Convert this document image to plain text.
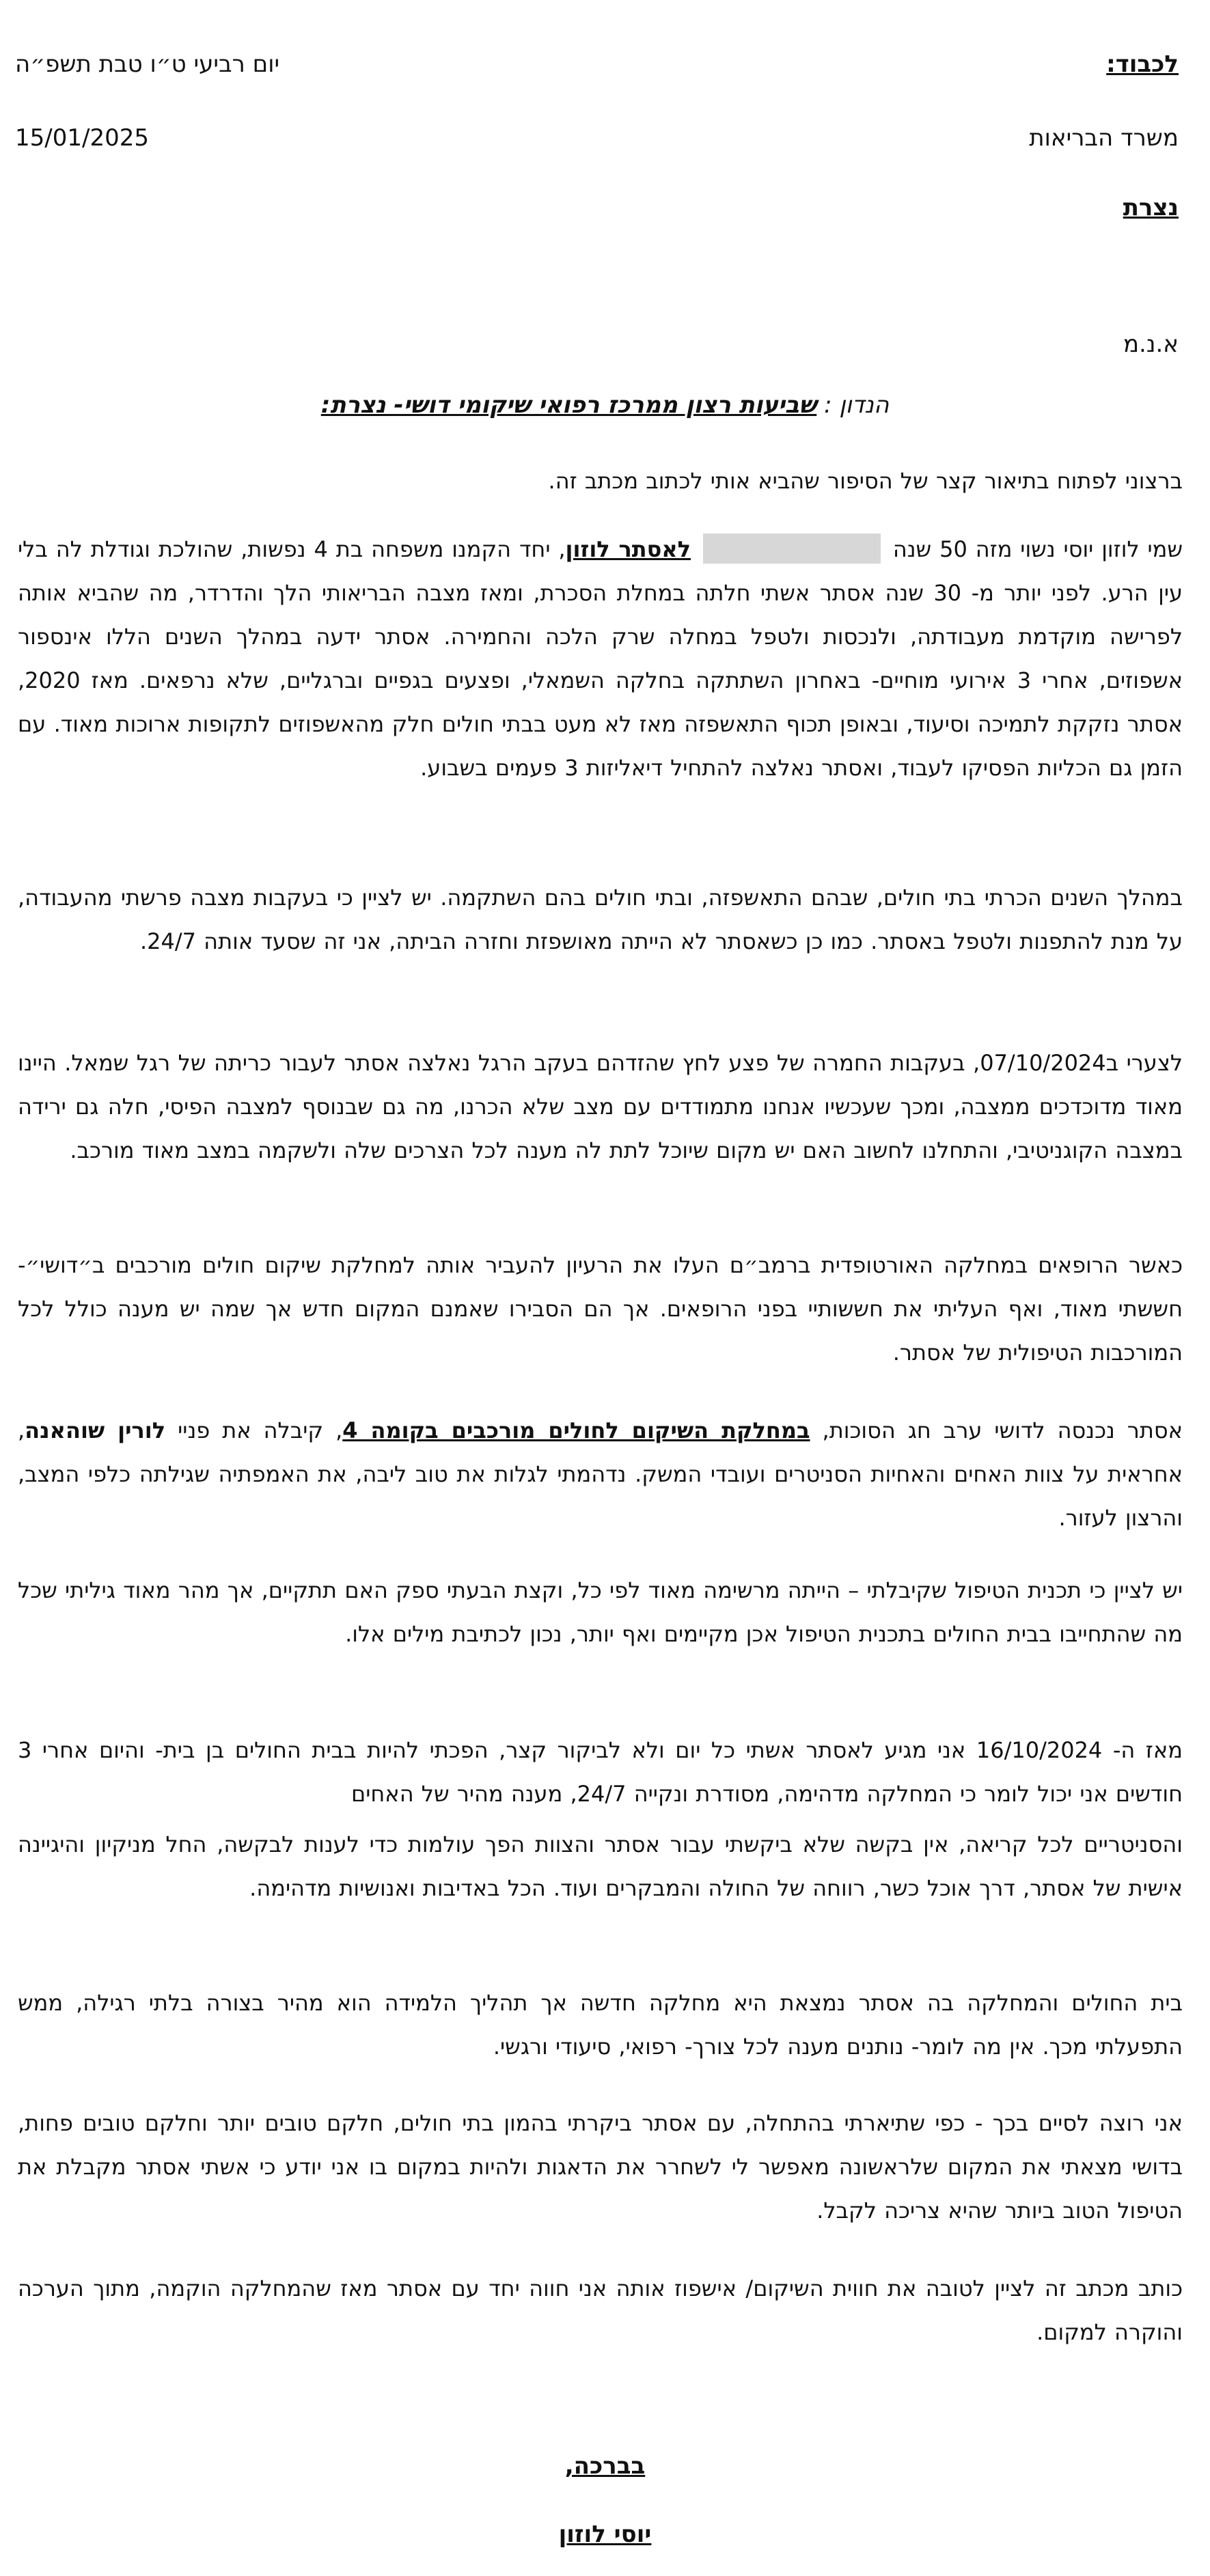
לכבוד:
יום רביעי ט״ו טבת תשפ״ה
משרד הבריאות
15/01/2025
נצרת
א.נ.מ
הנדון : שביעות רצון ממרכז רפואי שיקומי דושי- נצרת:
ברצוני לפתוח בתיאור קצר של הסיפור שהביא אותי לכתוב מכתב זה.
שמי לוזון יוסי נשוי מזה 50 שנה  לאסתר לוזון, יחד הקמנו משפחה בת 4 נפשות, שהולכת וגודלת לה בלי עין הרע. לפני יותר מ- 30 שנה אסתר אשתי חלתה במחלת הסכרת, ומאז מצבה הבריאותי הלך והדרדר, מה שהביא אותה לפרישה מוקדמת מעבודתה, ולנכסות ולטפל במחלה שרק הלכה והחמירה. אסתר ידעה במהלך השנים הללו אינספור אשפוזים, אחרי 3 אירועי מוחיים- באחרון השתתקה בחלקה השמאלי, ופצעים בגפיים וברגליים, שלא נרפאים. מאז 2020, אסתר נזקקת לתמיכה וסיעוד, ובאופן תכוף התאשפזה מאז לא מעט בבתי חולים חלק מהאשפוזים לתקופות ארוכות מאוד. עם הזמן גם הכליות הפסיקו לעבוד, ואסתר נאלצה להתחיל דיאליזות 3 פעמים בשבוע.
במהלך השנים הכרתי בתי חולים, שבהם התאשפזה, ובתי חולים בהם השתקמה. יש לציין כי בעקבות מצבה פרשתי מהעבודה, על מנת להתפנות ולטפל באסתר. כמו כן כשאסתר לא הייתה מאושפזת וחזרה הביתה, אני זה שסעד אותה 24/7.
לצערי ב07/10/2024, בעקבות החמרה של פצע לחץ שהזדהם בעקב הרגל נאלצה אסתר לעבור כריתה של רגל שמאל. היינו מאוד מדוכדכים ממצבה, ומכך שעכשיו אנחנו מתמודדים עם מצב שלא הכרנו, מה גם שבנוסף למצבה הפיסי, חלה גם ירידה במצבה הקוגניטיבי, והתחלנו לחשוב האם יש מקום שיוכל לתת לה מענה לכל הצרכים שלה ולשקמה במצב מאוד מורכב.
כאשר הרופאים במחלקה האורטופדית ברמב״ם העלו את הרעיון להעביר אותה למחלקת שיקום חולים מורכבים ב״דושי״- חששתי מאוד, ואף העליתי את חששותיי בפני הרופאים. אך הם הסבירו שאמנם המקום חדש אך שמה יש מענה כולל לכל המורכבות הטיפולית של אסתר.
אסתר נכנסה לדושי ערב חג הסוכות, במחלקת השיקום לחולים מורכבים בקומה 4, קיבלה את פניי לורין שוהאנה, אחראית על צוות האחים והאחיות הסניטרים ועובדי המשק. נדהמתי לגלות את טוב ליבה, את האמפתיה שגילתה כלפי המצב, והרצון לעזור.
יש לציין כי תכנית הטיפול שקיבלתי – הייתה מרשימה מאוד לפי כל, וקצת הבעתי ספק האם תתקיים, אך מהר מאוד גיליתי שכל מה שהתחייבו בבית החולים בתכנית הטיפול אכן מקיימים ואף יותר, נכון לכתיבת מילים אלו.
מאז ה- 16/10/2024 אני מגיע לאסתר אשתי כל יום ולא לביקור קצר, הפכתי להיות בבית החולים בן בית- והיום אחרי 3 חודשים אני יכול לומר כי המחלקה מדהימה, מסודרת ונקייה 24/7, מענה מהיר של האחים
והסניטריים לכל קריאה, אין בקשה שלא ביקשתי עבור אסתר והצוות הפך עולמות כדי לענות לבקשה, החל מניקיון והיגיינה אישית של אסתר, דרך אוכל כשר, רווחה של החולה והמבקרים ועוד. הכל באדיבות ואנושיות מדהימה.
בית החולים והמחלקה בה אסתר נמצאת היא מחלקה חדשה אך תהליך הלמידה הוא מהיר בצורה בלתי רגילה, ממש התפעלתי מכך. אין מה לומר- נותנים מענה לכל צורך- רפואי, סיעודי ורגשי.
אני רוצה לסיים בכך - כפי שתיארתי בהתחלה, עם אסתר ביקרתי בהמון בתי חולים, חלקם טובים יותר וחלקם טובים פחות, בדושי מצאתי את המקום שלראשונה מאפשר לי לשחרר את הדאגות ולהיות במקום בו אני יודע כי אשתי אסתר מקבלת את הטיפול הטוב ביותר שהיא צריכה לקבל.
כותב מכתב זה לציין לטובה את חווית השיקום/ אישפוז אותה אני חווה יחד עם אסתר מאז שהמחלקה הוקמה, מתוך הערכה והוקרה למקום.
בברכה,
יוסי לוזון
